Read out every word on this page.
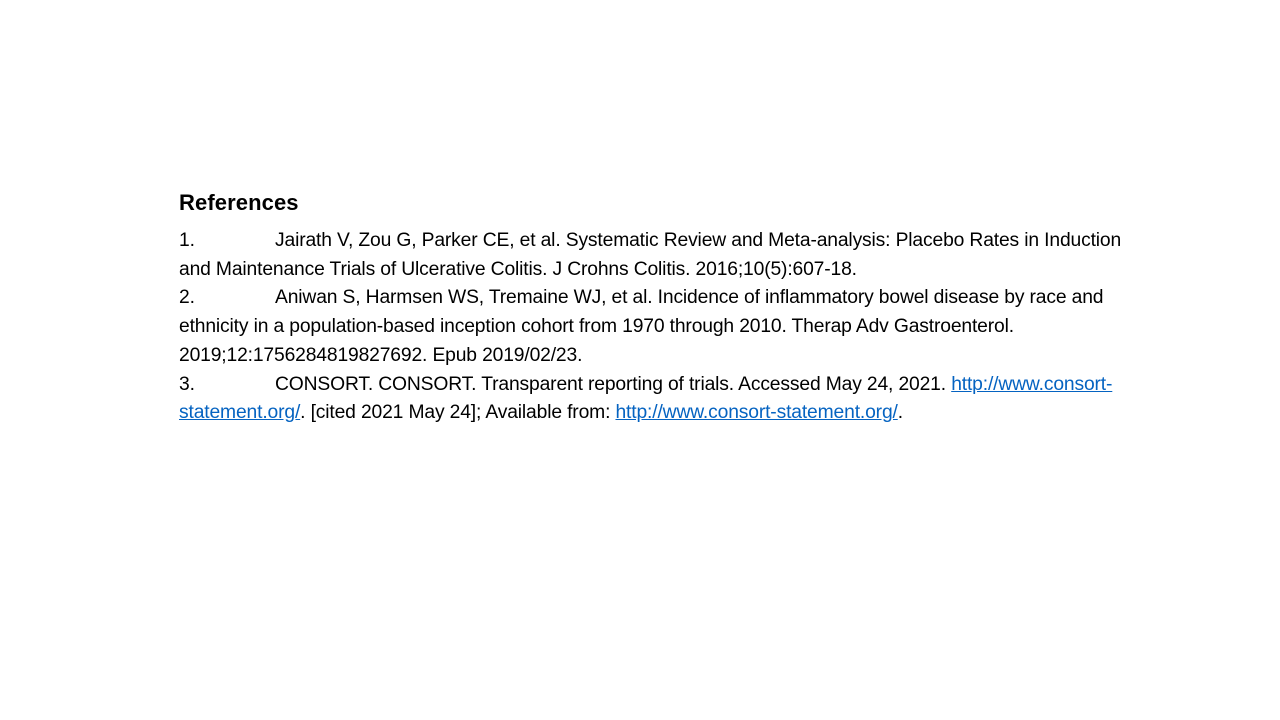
References
1.	Jairath V, Zou G, Parker CE, et al. Systematic Review and Meta-analysis: Placebo Rates in Induction and Maintenance Trials of Ulcerative Colitis. J Crohns Colitis. 2016;10(5):607-18.
2.	Aniwan S, Harmsen WS, Tremaine WJ, et al. Incidence of inflammatory bowel disease by race and ethnicity in a population-based inception cohort from 1970 through 2010. Therap Adv Gastroenterol. 2019;12:1756284819827692. Epub 2019/02/23.
3.	CONSORT. CONSORT. Transparent reporting of trials. Accessed May 24, 2021. http://www.consort-statement.org/. [cited 2021 May 24]; Available from: http://www.consort-statement.org/.
